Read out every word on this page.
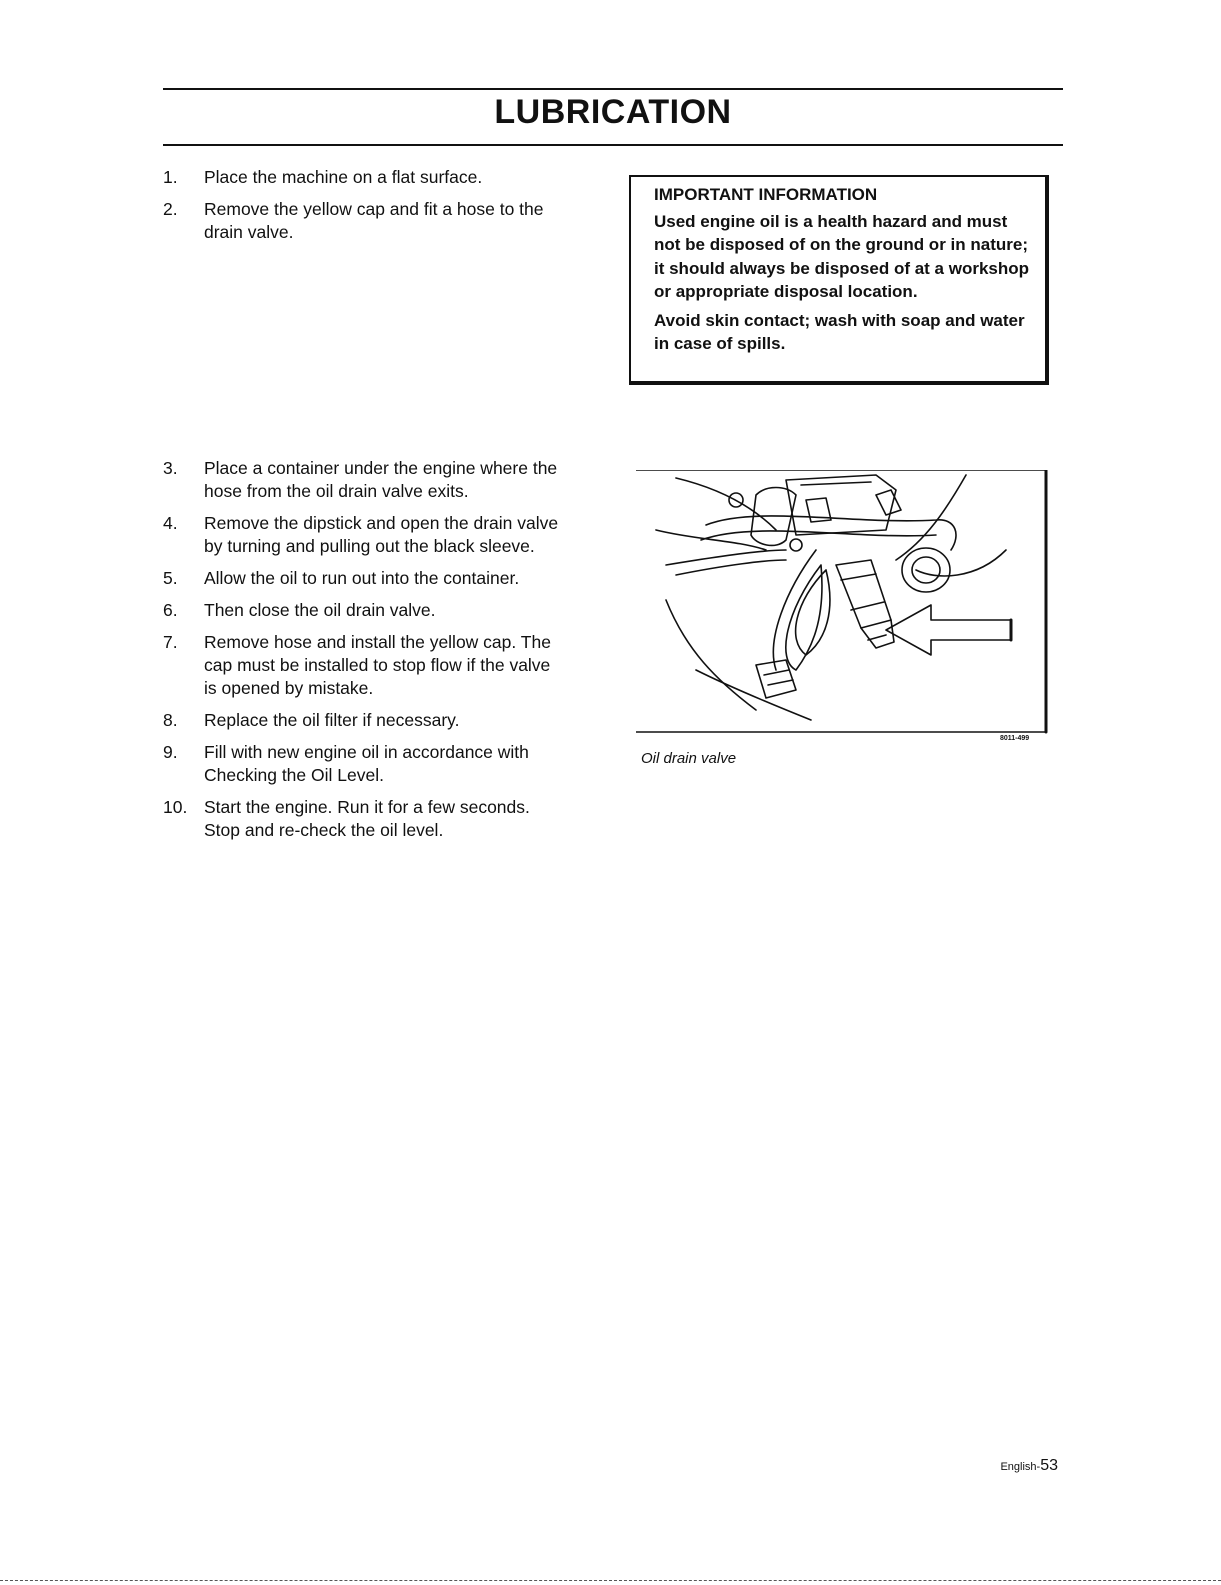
LUBRICATION
1. Place the machine on a flat surface.
2. Remove the yellow cap and fit a hose to the drain valve.

IMPORTANT INFORMATION

Used engine oil is a health hazard and must not be disposed of on the ground or in nature; it should always be disposed of at a workshop or appropriate disposal location.

Avoid skin contact; wash with soap and water in case of spills.

3. Place a container under the engine where the hose from the oil drain valve exits.
4. Remove the dipstick and open the drain valve by turning and pulling out the black sleeve.
5. Allow the oil to run out into the container.
6. Then close the oil drain valve.
7. Remove hose and install the yellow cap. The cap must be installed to stop flow if the valve is opened by mistake.
8. Replace the oil filter if necessary.
9. Fill with new engine oil in accordance with Checking the Oil Level.
10. Start the engine. Run it for a few seconds. Stop and re-check the oil level.
8011-499
Oil drain valve
English-53
